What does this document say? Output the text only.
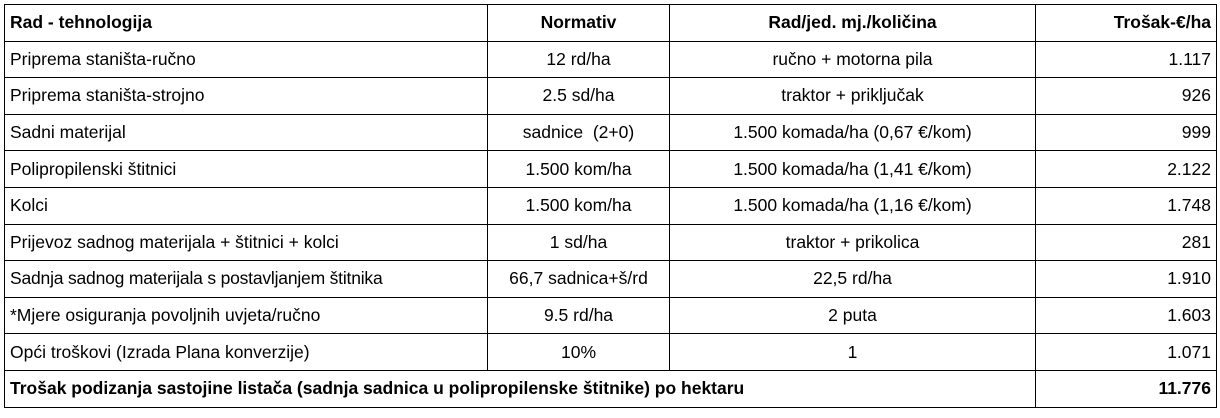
Rad - tehnologija	Normativ	Rad/jed. mj./količina	Trošak-€/ha
Priprema staništa-ručno	12 rd/ha	ručno + motorna pila	1.117
Priprema staništa-strojno	2.5 sd/ha	traktor + priključak	926
Sadni materijal	sadnice  (2+0)	1.500 komada/ha (0,67 €/kom)	999
Polipropilenski štitnici	1.500 kom/ha	1.500 komada/ha (1,41 €/kom)	2.122
Kolci	1.500 kom/ha	1.500 komada/ha (1,16 €/kom)	1.748
Prijevoz sadnog materijala + štitnici + kolci	1 sd/ha	traktor + prikolica	281
Sadnja sadnog materijala s postavljanjem štitnika	66,7 sadnica+š/rd	22,5 rd/ha	1.910
*Mjere osiguranja povoljnih uvjeta/ručno	9.5 rd/ha	2 puta	1.603
Opći troškovi (Izrada Plana konverzije)	10%	1	1.071
Trošak podizanja sastojine listača (sadnja sadnica u polipropilenske štitnike) po hektaru			11.776
